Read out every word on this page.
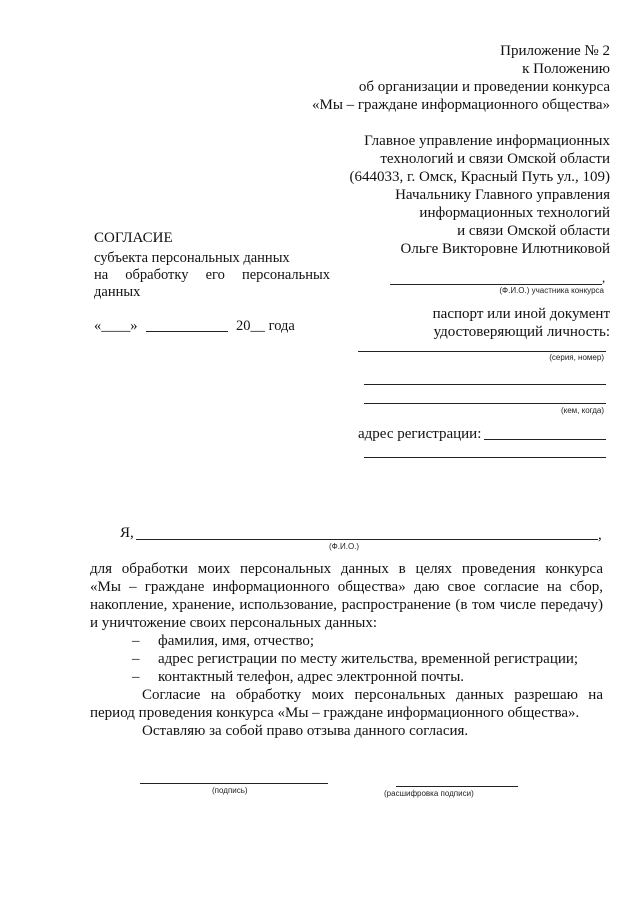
Приложение № 2
к Положению
об организации и проведении конкурса
«Мы – граждане информационного общества»
Главное управление информационных
технологий и связи Омской области
(644033, г. Омск, Красный Путь ул., 109)
Начальнику Главного управления
информационных технологий
и связи Омской области
Ольге Викторовне Илютниковой
СОГЛАСИЕ
субъекта персональных данных
на обработку его персональных
данных
«____»	20__ года
,
(Ф.И.О.) участника конкурса
паспорт или иной документ
удостоверяющий личность:
(серия, номер)
(кем, когда)
адрес регистрации:
Я,	,
(Ф.И.О.)
для обработки моих персональных данных в целях проведения конкурса
«Мы – граждане информационного общества» даю свое согласие на сбор,
накопление, хранение, использование, распространение (в том числе передачу)
и уничтожение своих персональных данных:
– фамилия, имя, отчество;
– адрес регистрации по месту жительства, временной регистрации;
– контактный телефон, адрес электронной почты.
Согласие на обработку моих персональных данных разрешаю на
период проведения конкурса «Мы – граждане информационного общества».
Оставляю за собой право отзыва данного согласия.
(подпись)	(расшифровка подписи)
